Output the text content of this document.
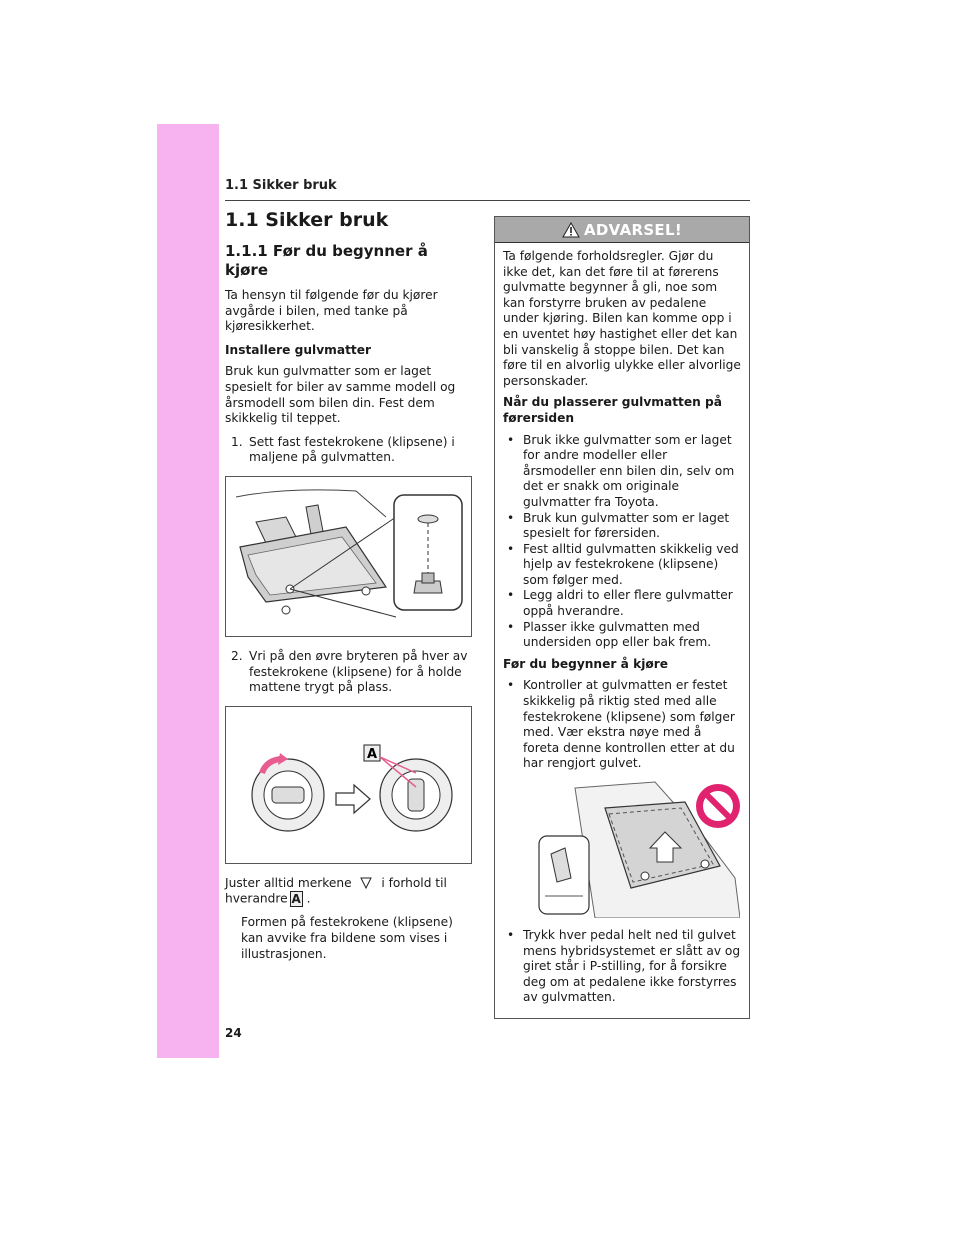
1.1 Sikker bruk
1.1 Sikker bruk
1.1.1 Før du begynner å kjøre

Ta hensyn til følgende før du kjører avgårde i bilen, med tanke på kjøresikkerhet.

Installere gulvmatter

Bruk kun gulvmatter som er laget spesielt for biler av samme modell og årsmodell som bilen din. Fest dem skikkelig til teppet.

1. Sett fast festekrokene (klipsene) i maljene på gulvmatten.
2. Vri på den øvre bryteren på hver av festekrokene (klipsene) for å holde mattene trygt på plass.
A

Juster alltid merkene i forhold til hverandre A .

Formen på festekrokene (klipsene) kan avvike fra bildene som vises i illustrasjonen.

ADVARSEL!

Ta følgende forholdsregler. Gjør du ikke det, kan det føre til at førerens gulvmatte begynner å gli, noe som kan forstyrre bruken av pedalene under kjøring. Bilen kan komme opp i en uventet høy hastighet eller det kan bli vanskelig å stoppe bilen. Det kan føre til en alvorlig ulykke eller alvorlige personskader.

Når du plasserer gulvmatten på førersiden

• Bruk ikke gulvmatter som er laget for andre modeller eller årsmodeller enn bilen din, selv om det er snakk om originale gulvmatter fra Toyota.
• Bruk kun gulvmatter som er laget spesielt for førersiden.
• Fest alltid gulvmatten skikkelig ved hjelp av festekrokene (klipsene) som følger med.
• Legg aldri to eller flere gulvmatter oppå hverandre.
• Plasser ikke gulvmatten med undersiden opp eller bak frem.

Før du begynner å kjøre

• Kontroller at gulvmatten er festet skikkelig på riktig sted med alle festekrokene (klipsene) som følger med. Vær ekstra nøye med å foreta denne kontrollen etter at du har rengjort gulvet.
• Trykk hver pedal helt ned til gulvet mens hybridsystemet er slått av og giret står i P-stilling, for å forsikre deg om at pedalene ikke forstyrres av gulvmatten.
24
